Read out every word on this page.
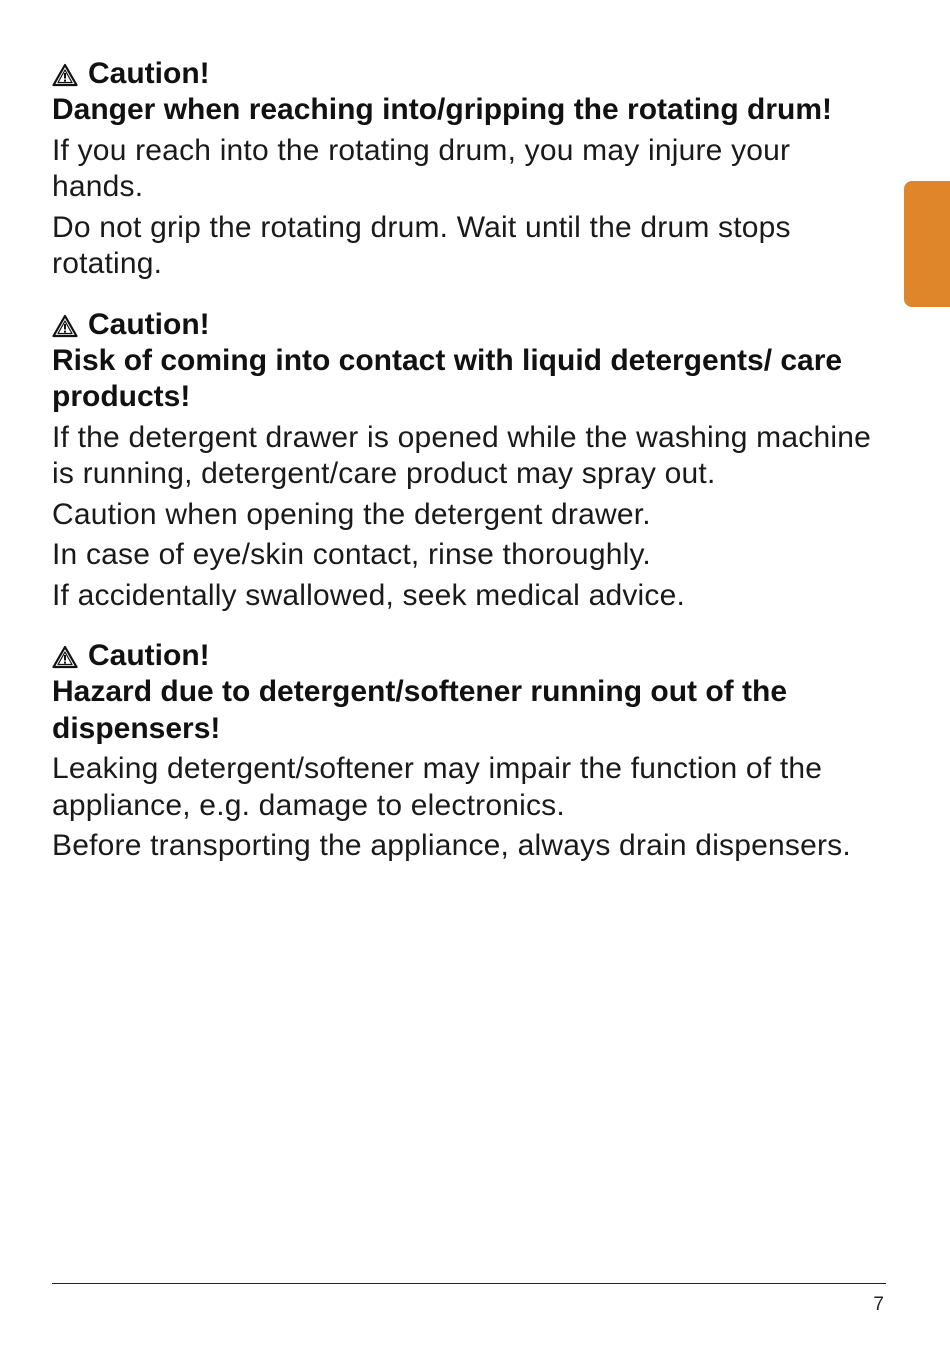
Caution!

Danger when reaching into/gripping the rotating drum!

If you reach into the rotating drum, you may injure your hands.

Do not grip the rotating drum. Wait until the drum stops rotating.

Caution!

Risk of coming into contact with liquid detergents/ care products!

If the detergent drawer is opened while the washing machine is running, detergent/care product may spray out.

Caution when opening the detergent drawer.

In case of eye/skin contact, rinse thoroughly.

If accidentally swallowed, seek medical advice.

Caution!

Hazard due to detergent/softener running out of the dispensers!

Leaking detergent/softener may impair the function of the appliance, e.g. damage to electronics.

Before transporting the appliance, always drain dispensers.

7
